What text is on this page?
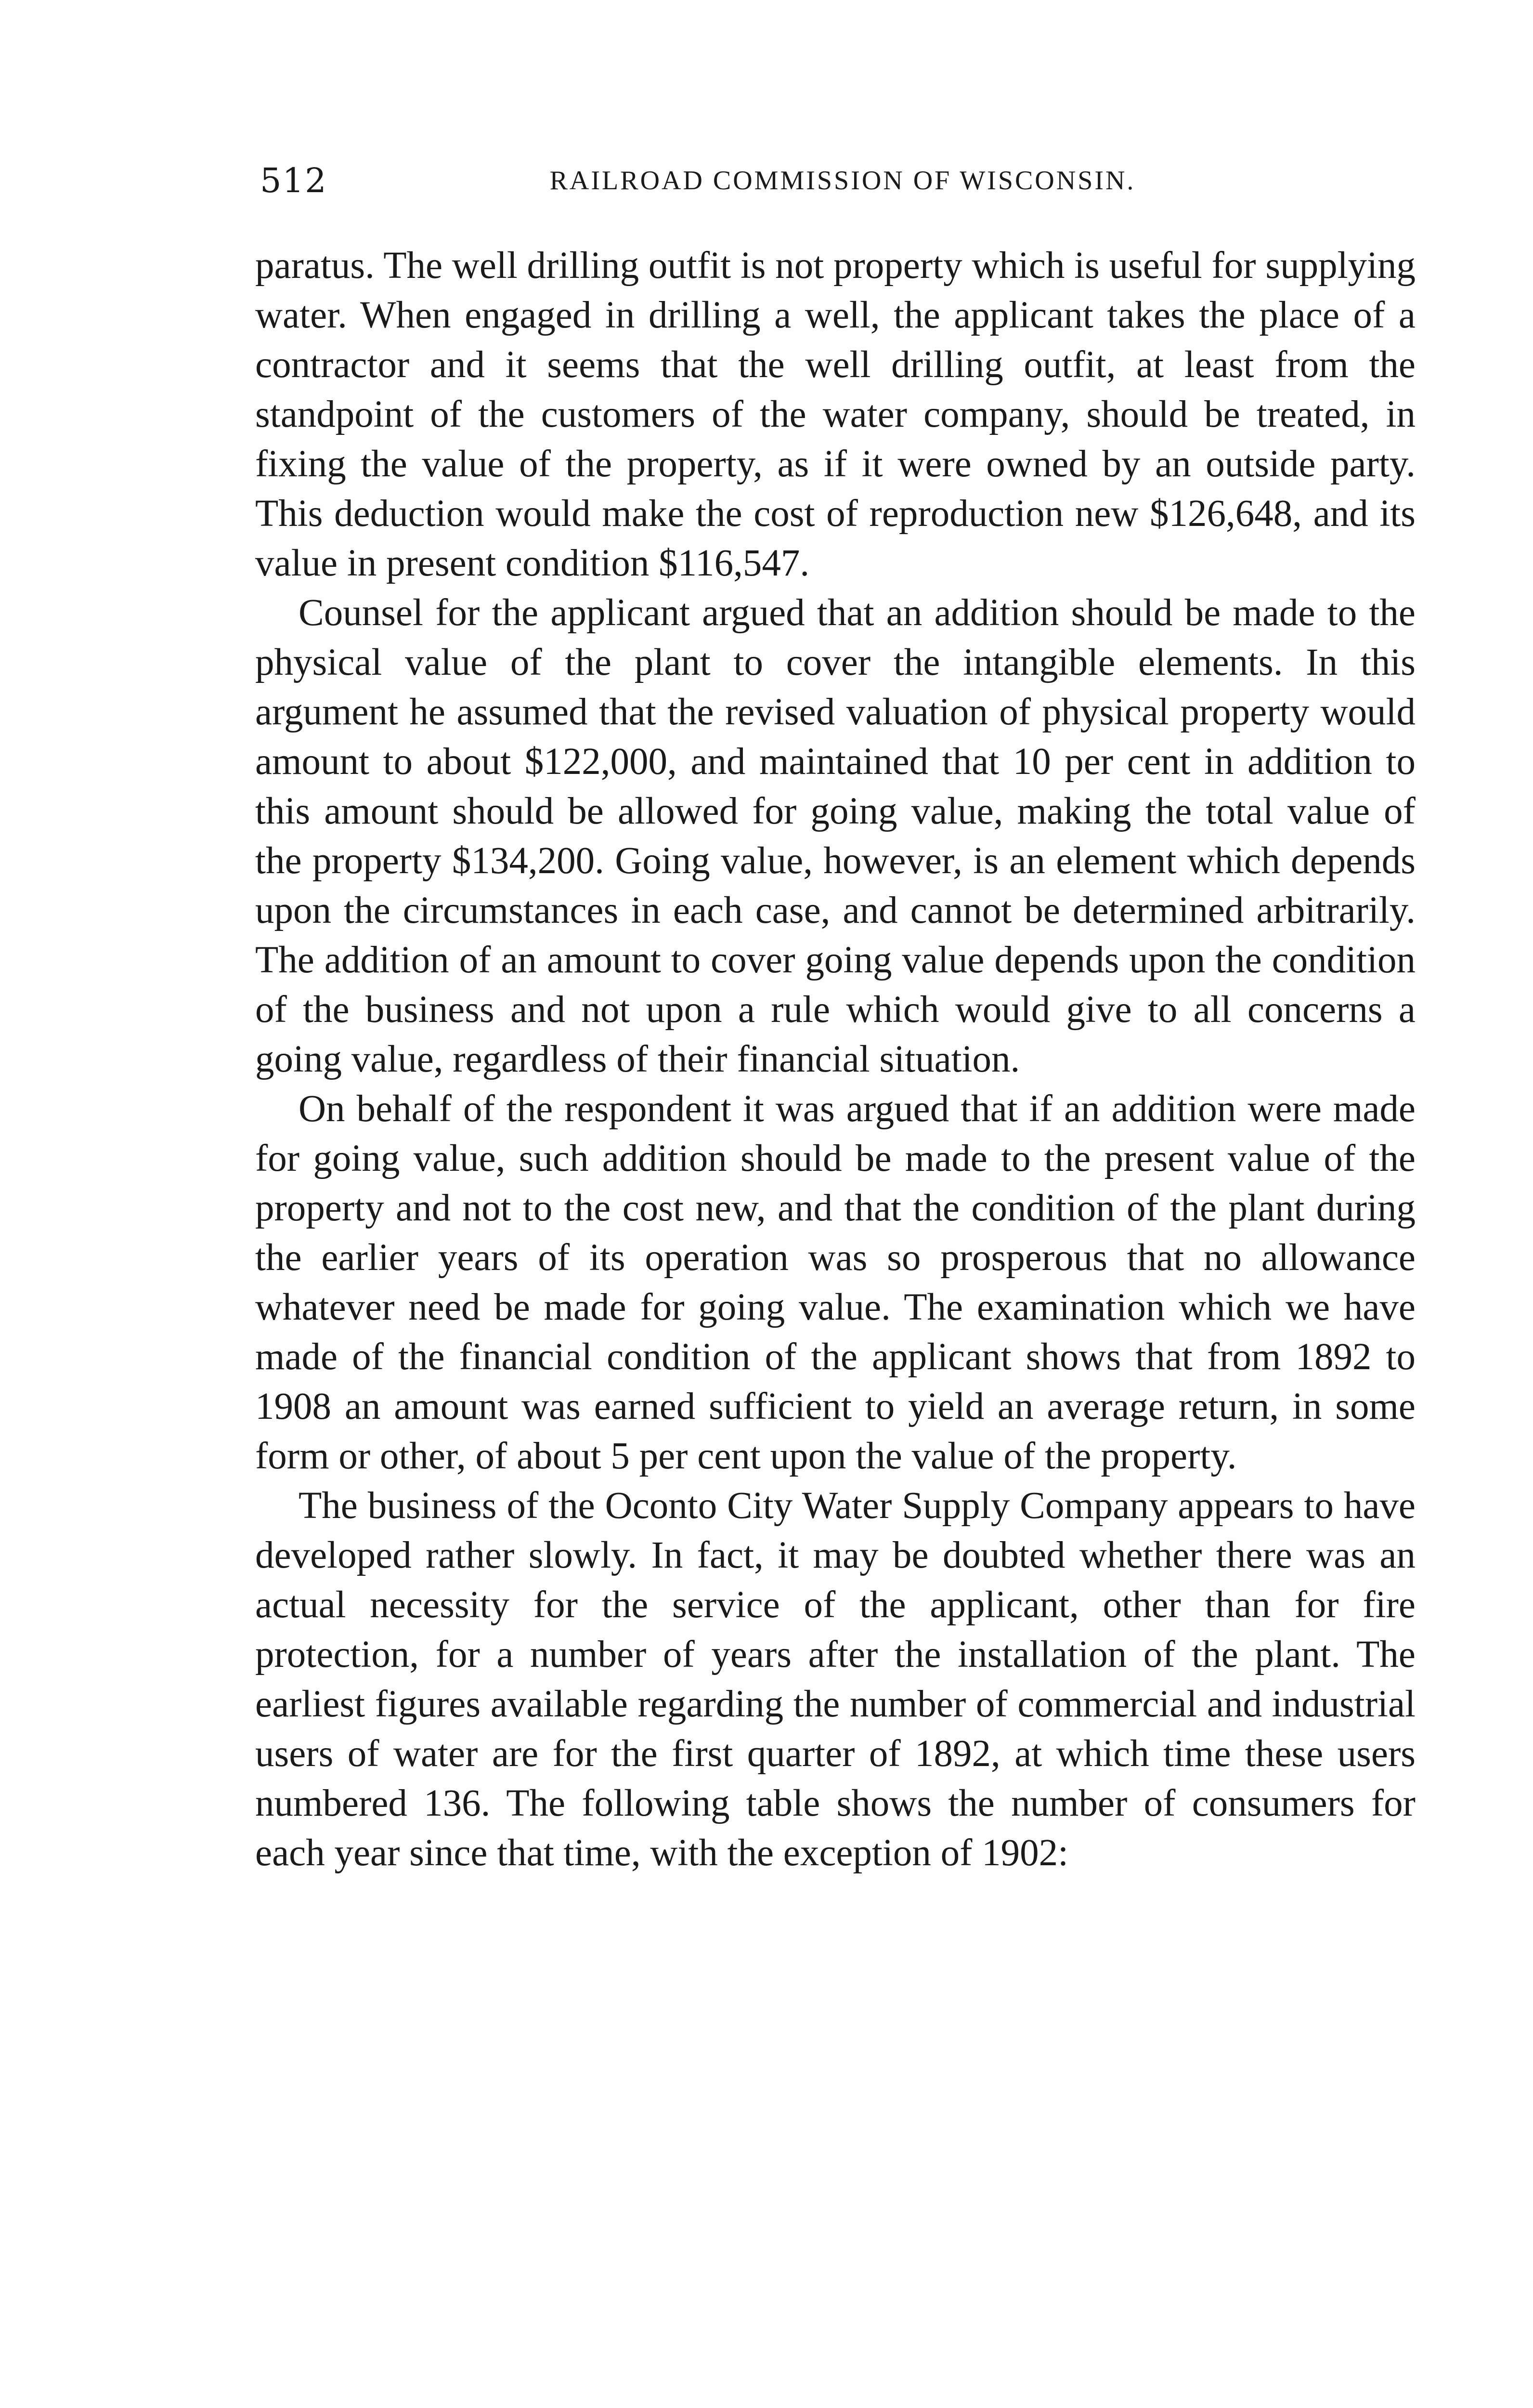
512	RAILROAD COMMISSION OF WISCONSIN.

paratus. The well drilling outfit is not property which is useful for supplying water. When engaged in drilling a well, the applicant takes the place of a contractor and it seems that the well drilling outfit, at least from the standpoint of the customers of the water company, should be treated, in fixing the value of the property, as if it were owned by an outside party. This deduction would make the cost of reproduction new $126,648, and its value in present condition $116,547.

Counsel for the applicant argued that an addition should be made to the physical value of the plant to cover the intangible elements. In this argument he assumed that the revised valuation of physical property would amount to about $122,000, and maintained that 10 per cent in addition to this amount should be allowed for going value, making the total value of the property $134,200. Going value, however, is an element which depends upon the circumstances in each case, and cannot be determined arbitrarily. The addition of an amount to cover going value depends upon the condition of the business and not upon a rule which would give to all concerns a going value, regardless of their financial situation.

On behalf of the respondent it was argued that if an addition were made for going value, such addition should be made to the present value of the property and not to the cost new, and that the condition of the plant during the earlier years of its operation was so prosperous that no allowance whatever need be made for going value. The examination which we have made of the financial condition of the applicant shows that from 1892 to 1908 an amount was earned sufficient to yield an average return, in some form or other, of about 5 per cent upon the value of the property.

The business of the Oconto City Water Supply Company appears to have developed rather slowly. In fact, it may be doubted whether there was an actual necessity for the service of the applicant, other than for fire protection, for a number of years after the installation of the plant. The earliest figures available regarding the number of commercial and industrial users of water are for the first quarter of 1892, at which time these users numbered 136. The following table shows the number of consumers for each year since that time, with the exception of 1902:
